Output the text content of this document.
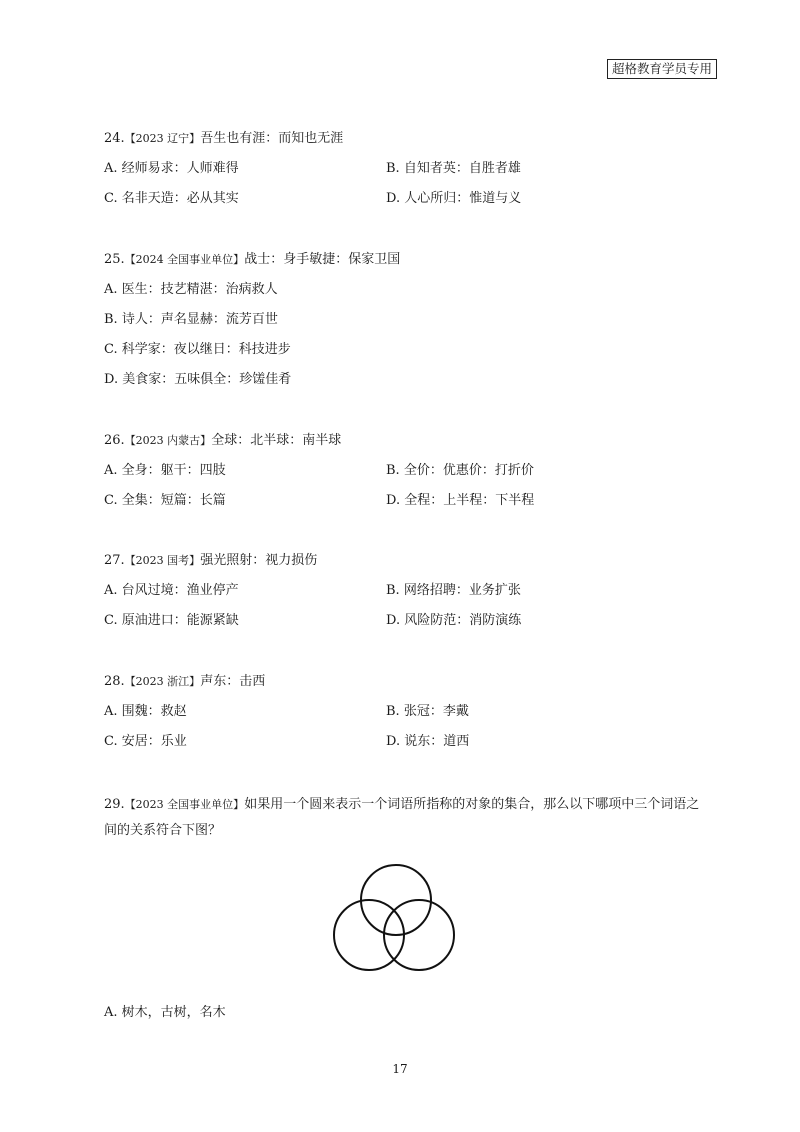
超格教育学员专用
24.【2023 辽宁】吾生也有涯：而知也无涯
A. 经师易求：人师难得	B. 自知者英：自胜者雄
C. 名非天造：必从其实	D. 人心所归：惟道与义
25.【2024 全国事业单位】战士：身手敏捷：保家卫国
A. 医生：技艺精湛：治病救人
B. 诗人：声名显赫：流芳百世
C. 科学家：夜以继日：科技进步
D. 美食家：五味俱全：珍馐佳肴
26.【2023 内蒙古】全球：北半球：南半球
A. 全身：躯干：四肢	B. 全价：优惠价：打折价
C. 全集：短篇：长篇	D. 全程：上半程：下半程
27.【2023 国考】强光照射：视力损伤
A. 台风过境：渔业停产	B. 网络招聘：业务扩张
C. 原油进口：能源紧缺	D. 风险防范：消防演练
28.【2023 浙江】声东：击西
A. 围魏：救赵	B. 张冠：李戴
C. 安居：乐业	D. 说东：道西
29.【2023 全国事业单位】如果用一个圆来表示一个词语所指称的对象的集合，那么以下哪项中三个词语之间的关系符合下图？
A. 树木，古树，名木
17
